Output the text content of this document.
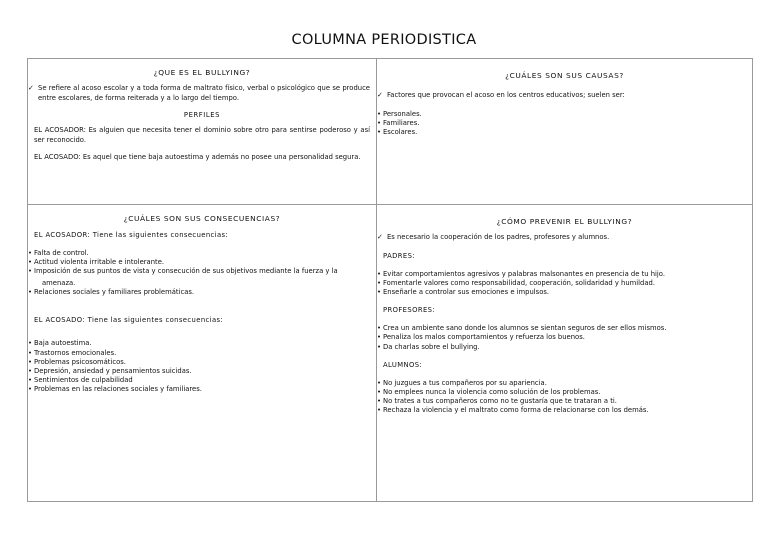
COLUMNA PERIODISTICA
¿QUE ES EL BULLYING?
✓ Se refiere al acoso escolar y a toda forma de maltrato físico, verbal o psicológico que se produce entre escolares, de forma reiterada y a lo largo del tiempo.
PERFILES
EL ACOSADOR: Es alguien que necesita tener el dominio sobre otro para sentirse poderoso y así ser reconocido.
EL ACOSADO: Es aquel que tiene baja autoestima y además no posee una personalidad segura.
¿CUÁLES SON SUS CAUSAS?
✓ Factores que provocan el acoso en los centros educativos; suelen ser:
• Personales.
• Familiares.
• Escolares.
¿CUÁLES SON SUS CONSECUENCIAS?
EL ACOSADOR: Tiene las siguientes consecuencias:
• Falta de control.
• Actitud violenta irritable e intolerante.
• Imposición de sus puntos de vista y consecución de sus objetivos mediante la fuerza y la
amenaza.
• Relaciones sociales y familiares problemáticas.
EL ACOSADO: Tiene las siguientes consecuencias:
• Baja autoestima.
• Trastornos emocionales.
• Problemas psicosomáticos.
• Depresión, ansiedad y pensamientos suicidas.
• Sentimientos de culpabilidad
• Problemas en las relaciones sociales y familiares.
¿CÓMO PREVENIR EL BULLYING?
✓ Es necesario la cooperación de los padres, profesores y alumnos.
PADRES:
• Evitar comportamientos agresivos y palabras malsonantes en presencia de tu hijo.
• Fomentarle valores como responsabilidad, cooperación, solidaridad y humildad.
• Enseñarle a controlar sus emociones e impulsos.
PROFESORES:
• Crea un ambiente sano donde los alumnos se sientan seguros de ser ellos mismos.
• Penaliza los malos comportamientos y refuerza los buenos.
• Da charlas sobre el bullying.
ALUMNOS:
• No juzgues a tus compañeros por su apariencia.
• No emplees nunca la violencia como solución de los problemas.
• No trates a tus compañeros como no te gustaría que te trataran a ti.
• Rechaza la violencia y el maltrato como forma de relacionarse con los demás.
